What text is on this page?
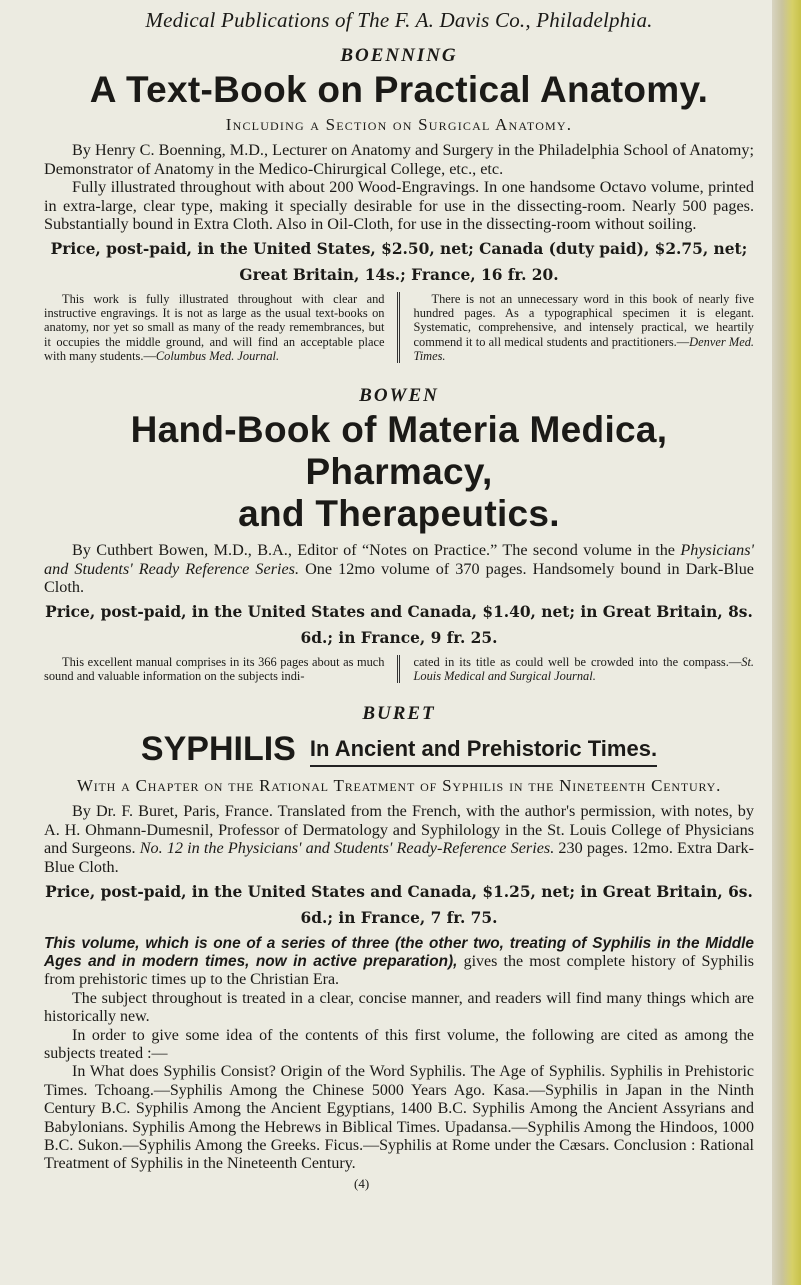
Medical Publications of The F. A. Davis Co., Philadelphia.
BOENNING
A Text-Book on Practical Anatomy.
Including a Section on Surgical Anatomy.

By Henry C. Boenning, M.D., Lecturer on Anatomy and Surgery in the Philadelphia School of Anatomy; Demonstrator of Anatomy in the Medico-Chirurgical College, etc., etc.

Fully illustrated throughout with about 200 Wood-Engravings. In one handsome Octavo volume, printed in extra-large, clear type, making it specially desirable for use in the dissecting-room. Nearly 500 pages. Substantially bound in Extra Cloth. Also in Oil-Cloth, for use in the dissecting-room without soiling.

Price, post-paid, in the United States, $2.50, net; Canada (duty paid), $2.75, net; Great Britain, 14s.; France, 16 fr. 20.

This work is fully illustrated throughout with clear and instructive engravings. It is not as large as the usual text-books on anatomy, nor yet so small as many of the ready remembrances, but it occupies the middle ground, and will find an acceptable place with many students.—Columbus Med. Journal.

There is not an unnecessary word in this book of nearly five hundred pages. As a typographical specimen it is elegant. Systematic, comprehensive, and intensely practical, we heartily commend it to all medical students and practitioners.—Denver Med. Times.

BOWEN
Hand-Book of Materia Medica, Pharmacy,
and Therapeutics.

By Cuthbert Bowen, M.D., B.A., Editor of “Notes on Practice.” The second volume in the Physicians' and Students' Ready Reference Series. One 12mo volume of 370 pages. Handsomely bound in Dark-Blue Cloth.

Price, post-paid, in the United States and Canada, $1.40, net; in Great Britain, 8s. 6d.; in France, 9 fr. 25.

This excellent manual comprises in its 366 pages about as much sound and valuable information on the subjects indi-

cated in its title as could well be crowded into the compass.—St. Louis Medical and Surgical Journal.

BURET
SYPHILIS In Ancient and Prehistoric Times.
With a Chapter on the Rational Treatment of Syphilis in the Nineteenth Century.

By Dr. F. Buret, Paris, France. Translated from the French, with the author's permission, with notes, by A. H. Ohmann-Dumesnil, Professor of Dermatology and Syphilology in the St. Louis College of Physicians and Surgeons. No. 12 in the Physicians' and Students' Ready-Reference Series. 230 pages. 12mo. Extra Dark-Blue Cloth.

Price, post-paid, in the United States and Canada, $1.25, net; in Great Britain, 6s. 6d.; in France, 7 fr. 75.

This volume, which is one of a series of three (the other two, treating of Syphilis in the Middle Ages and in modern times, now in active preparation), gives the most complete history of Syphilis from prehistoric times up to the Christian Era.

The subject throughout is treated in a clear, concise manner, and readers will find many things which are historically new.

In order to give some idea of the contents of this first volume, the following are cited as among the subjects treated :—

In What does Syphilis Consist? Origin of the Word Syphilis. The Age of Syphilis. Syphilis in Prehistoric Times. Tchoang.—Syphilis Among the Chinese 5000 Years Ago. Kasa.—Syphilis in Japan in the Ninth Century B.C. Syphilis Among the Ancient Egyptians, 1400 B.C. Syphilis Among the Ancient Assyrians and Babylonians. Syphilis Among the Hebrews in Biblical Times. Upadansa.—Syphilis Among the Hindoos, 1000 B.C. Sukon.—Syphilis Among the Greeks. Ficus.—Syphilis at Rome under the Cæsars. Conclusion : Rational Treatment of Syphilis in the Nineteenth Century.

(4)
